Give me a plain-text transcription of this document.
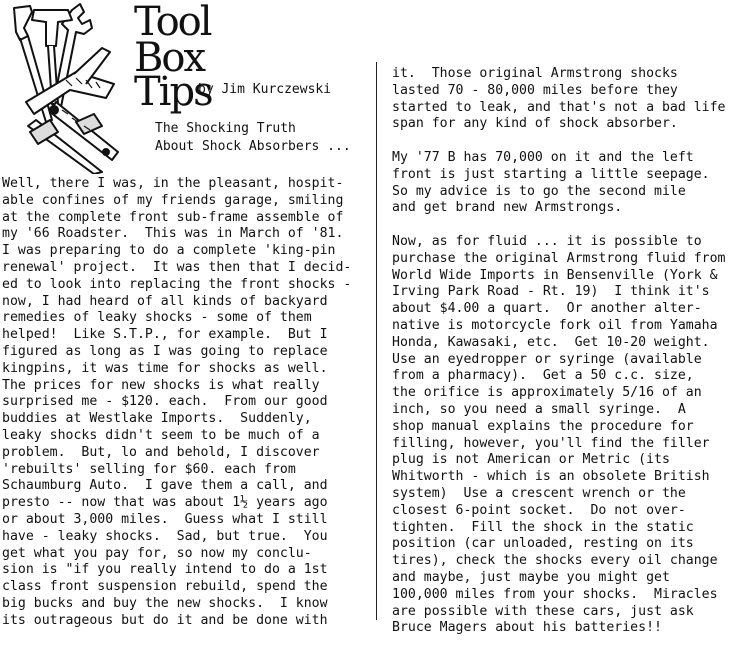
Tool
Box
Tips
by Jim Kurczewski
The Shocking Truth
About Shock Absorbers ...
Well, there I was, in the pleasant, hospit-
able confines of my friends garage, smiling
at the complete front sub-frame assemble of
my '66 Roadster.  This was in March of '81.
I was preparing to do a complete 'king-pin
renewal' project.  It was then that I decid-
ed to look into replacing the front shocks -
now, I had heard of all kinds of backyard
remedies of leaky shocks - some of them
helped!  Like S.T.P., for example.  But I
figured as long as I was going to replace
kingpins, it was time for shocks as well.
The prices for new shocks is what really
surprised me - $120. each.  From our good
buddies at Westlake Imports.  Suddenly,
leaky shocks didn't seem to be much of a
problem.  But, lo and behold, I discover
'rebuilts' selling for $60. each from
Schaumburg Auto.  I gave them a call, and
presto -- now that was about 1½ years ago
or about 3,000 miles.  Guess what I still
have - leaky shocks.  Sad, but true.  You
get what you pay for, so now my conclu-
sion is "if you really intend to do a 1st
class front suspension rebuild, spend the
big bucks and buy the new shocks.  I know
its outrageous but do it and be done with

it.  Those original Armstrong shocks
lasted 70 - 80,000 miles before they
started to leak, and that's not a bad life
span for any kind of shock absorber.

My '77 B has 70,000 on it and the left
front is just starting a little seepage.
So my advice is to go the second mile
and get brand new Armstrongs.

Now, as for fluid ... it is possible to
purchase the original Armstrong fluid from
World Wide Imports in Bensenville (York &
Irving Park Road - Rt. 19)  I think it's
about $4.00 a quart.  Or another alter-
native is motorcycle fork oil from Yamaha
Honda, Kawasaki, etc.  Get 10-20 weight.
Use an eyedropper or syringe (available
from a pharmacy).  Get a 50 c.c. size,
the orifice is approximately 5/16 of an
inch, so you need a small syringe.  A
shop manual explains the procedure for
filling, however, you'll find the filler
plug is not American or Metric (its
Whitworth - which is an obsolete British
system)  Use a crescent wrench or the
closest 6-point socket.  Do not over-
tighten.  Fill the shock in the static
position (car unloaded, resting on its
tires), check the shocks every oil change
and maybe, just maybe you might get
100,000 miles from your shocks.  Miracles
are possible with these cars, just ask
Bruce Magers about his batteries!!
